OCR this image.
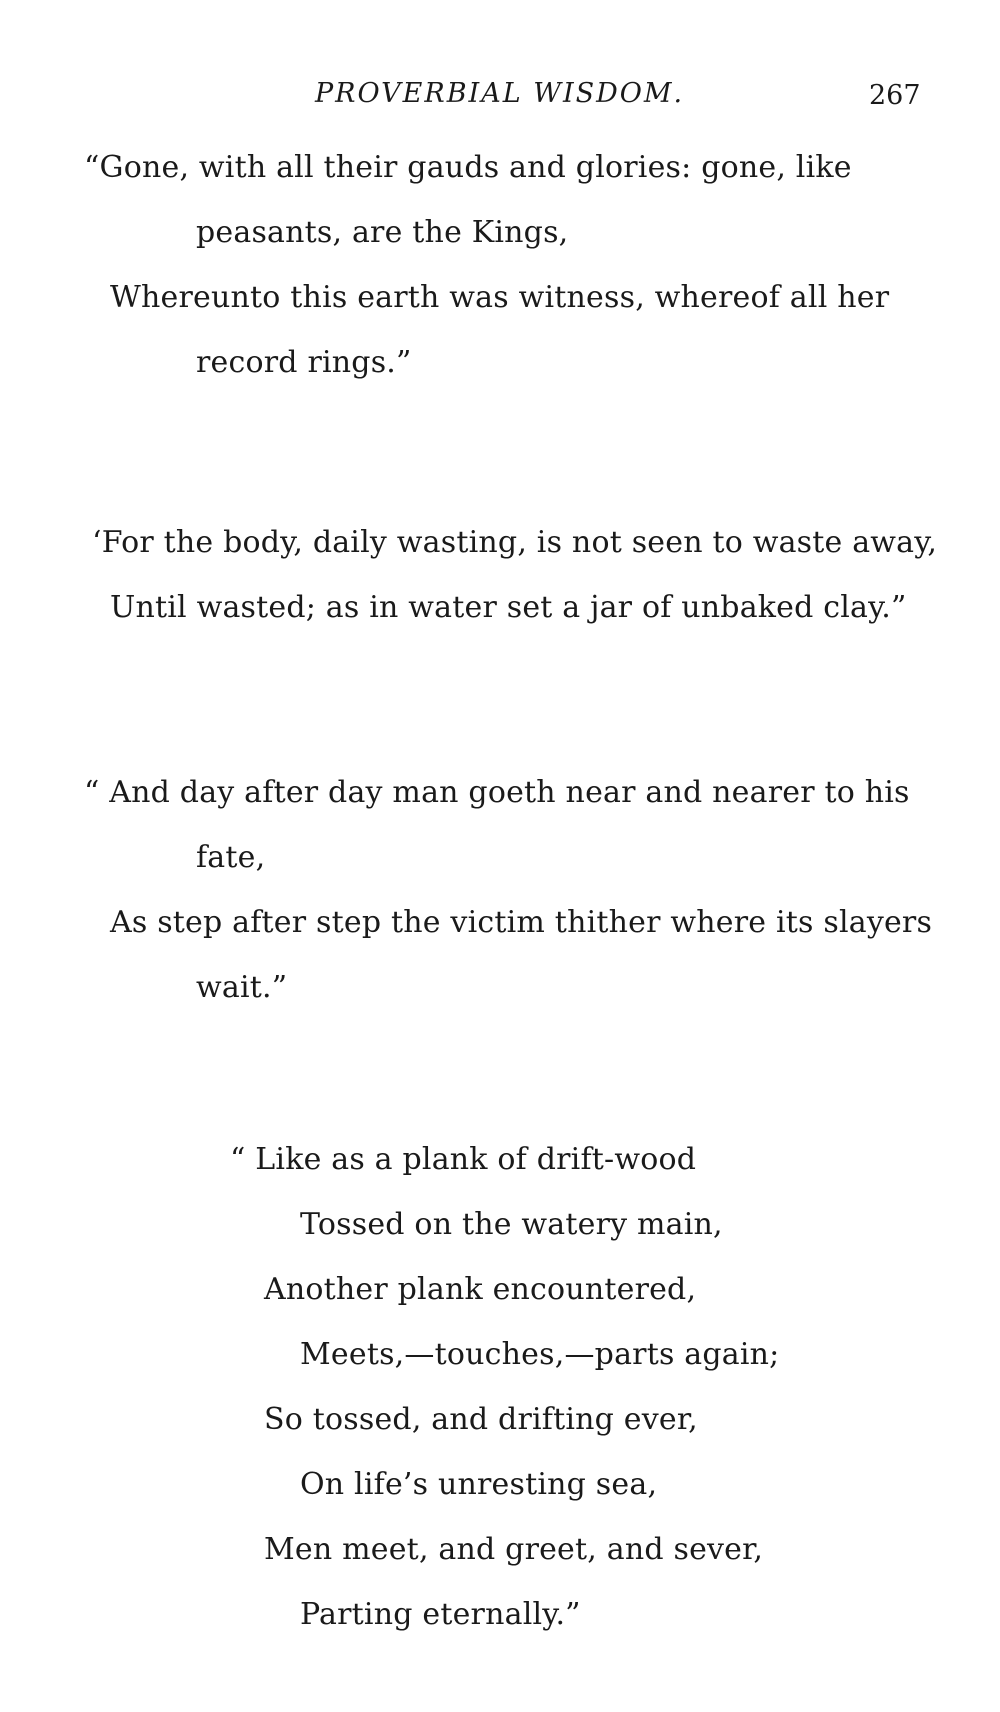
PROVERBIAL WISDOM.	267
“Gone, with all their gauds and glories: gone, like
peasants, are the Kings,
Whereunto this earth was witness, whereof all her
record rings.”
‘For the body, daily wasting, is not seen to waste away,
Until wasted; as in water set a jar of unbaked clay.”
“ And day after day man goeth near and nearer to his
fate,
As step after step the victim thither where its slayers
wait.”
“ Like as a plank of drift-wood
Tossed on the watery main,
Another plank encountered,
Meets,—touches,—parts again;
So tossed, and drifting ever,
On life’s unresting sea,
Men meet, and greet, and sever,
Parting eternally.”
